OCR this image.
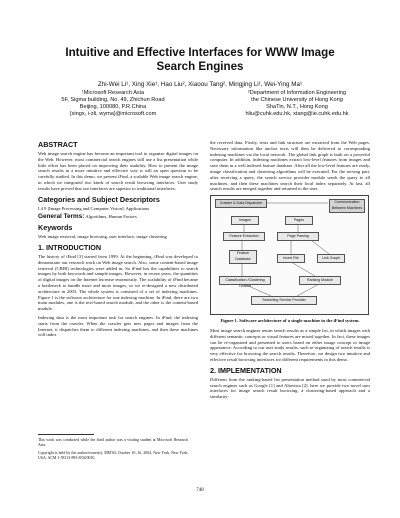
Intuitive and Effective Interfaces for WWW Image
Search Engines
Zhi-Wei Li¹, Xing Xie¹, Hao Liu², Xiaoou Tang², Mingjing Li¹, Wei-Ying Ma¹
¹Microsoft Research Asia
5F, Sigma building, No. 49, Zhichun Road
Beijing, 100080, P.R.China
{xingx, i-zli, wyma}@microsoft.com
²Department of Information Engineering
the Chinese University of Hong Kong
ShaTin, N.T., Hong Kong
hliu@cuhk.edu.hk, xtang@ie.cuhk.edu.hk
ABSTRACT

Web image search engine has become an important tool to organize digital images on the Web. However, most commercial search engines still use a list presentation while little effort has been placed on improving their usability. How to present the image search results in a more intuitive and effective way is still an open question to be carefully studied. In this demo, we present iFind, a scalable Web image search engine, in which we integrated two kinds of search result browsing interfaces. User study results have proved that our interfaces are superior to traditional interfaces.

Categories and Subject Descriptors

I.4.9 [Image Processing and Computer Vision]: Applications

General Terms: Algorithms, Human Factors

Keywords

Web image retrieval, image browsing, user interface, image clustering

1. INTRODUCTION

The history of iFind [3] started from 1999. At the beginning, iFind was developed to demonstrate our research work on Web image search. Also, some content-based image retrieval (CBIR) technologies were added in. So iFind has the capabilities to search images by both keywords and sample images. However, in recent years, the quantities of digital images on the Internet increase enormously. The scalability of iFind became a bottleneck to handle more and more images, so we re-designed a new distributed architecture in 2003. The whole system is consisted of a set of indexing machines. Figure 1 is the software architecture for one indexing machine. In iFind, there are two main modules, one is the text-based search module, and the other is the content-based module.

Indexing data is the most important task for search engines. In iFind, the indexing starts from the crawler. When the crawler gets new pages and images from the Internet, it dispatches them to different indexing machines, and then these machines will index

This work was conducted while the third author was a visiting student at Microsoft Research Asia.

Copyright is held by the author/owner(s). MM'04, October 10–16, 2004, New York, New York, USA. ACM 1-58113-893-8/04/0010.

the received data. Firstly, texts and link structure are extracted from the Web pages. Necessary information like anchor texts will then be delivered to corresponding indexing machines via the local network. The global link graph is built on a powerful computer. In addition, indexing machines extract low-level features from images and save them in a well indexed feature database. After all the low-level features are ready, image classification and clustering algorithms will be executed. For the serving part, after receiving a query, the search service provider module sends the query to all machines, and then these machines search their local index separately. At last, all search results are merged together and returned to the user.

Crawler & Data Dispatcher	Communication Between Machines
Images	Pages
Feature Extraction	Page Parsing
Feature Database	Invert File	Link Graph
Classification /Clustering Toolbox
Ranking Module
Searching Service Provider
Figure 1. Software architecture of a single machine in the iFind system.

Most image search engines return search results as a simple list, in which images with different semantic concepts or visual features are mixed together. In fact, these images can be re-organized and presented to users based on either image concept or image appearance. According to our user study results, such re-organizing of search results is very effective for browsing the search results. Therefore, we design two intuitive and effective result browsing interfaces for different requirements in this demo.

2. IMPLEMENTATION

Different from the ranking-based list presentation method used by most commercial search engines such as Google [1] and Altavista [2], here we provide two novel user interfaces for image search result browsing, a clustering-based approach and a similarity-

748
